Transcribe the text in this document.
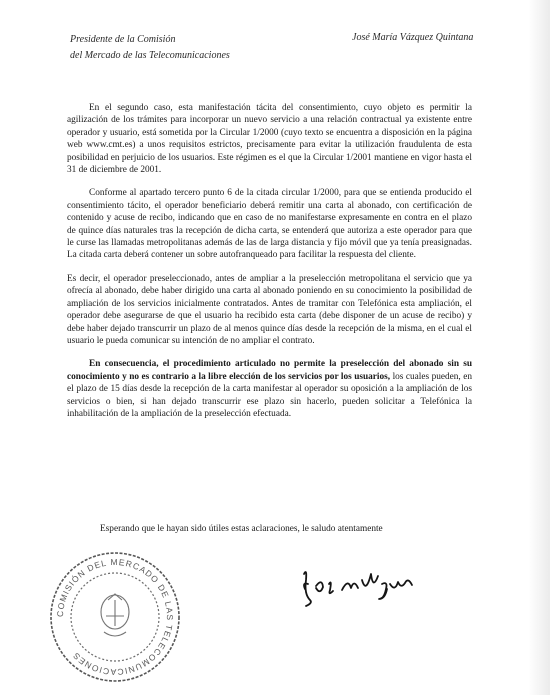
Presidente de la Comisión
del Mercado de las Telecomunicaciones
José María Vázquez Quintana

En el segundo caso, esta manifestación tácita del consentimiento, cuyo objeto es permitir la agilización de los trámites para incorporar un nuevo servicio a una relación contractual ya existente entre operador y usuario, está sometida por la Circular 1/2000 (cuyo texto se encuentra a disposición en la página web www.cmt.es) a unos requisitos estrictos, precisamente para evitar la utilización fraudulenta de esta posibilidad en perjuicio de los usuarios. Este régimen es el que la Circular 1/2001 mantiene en vigor hasta el 31 de diciembre de 2001.

Conforme al apartado tercero punto 6 de la citada circular 1/2000, para que se entienda producido el consentimiento tácito, el operador beneficiario deberá remitir una carta al abonado, con certificación de contenido y acuse de recibo, indicando que en caso de no manifestarse expresamente en contra en el plazo de quince días naturales tras la recepción de dicha carta, se entenderá que autoriza a este operador para que le curse las llamadas metropolitanas además de las de larga distancia y fijo móvil que ya tenía preasignadas. La citada carta deberá contener un sobre autofranqueado para facilitar la respuesta del cliente.

Es decir, el operador preseleccionado, antes de ampliar a la preselección metropolitana el servicio que ya ofrecía al abonado, debe haber dirigido una carta al abonado poniendo en su conocimiento la posibilidad de ampliación de los servicios inicialmente contratados. Antes de tramitar con Telefónica esta ampliación, el operador debe asegurarse de que el usuario ha recibido esta carta (debe disponer de un acuse de recibo) y debe haber dejado transcurrir un plazo de al menos quince días desde la recepción de la misma, en el cual el usuario le pueda comunicar su intención de no ampliar el contrato.

En consecuencia, el procedimiento articulado no permite la preselección del abonado sin su conocimiento y no es contrario a la libre elección de los servicios por los usuarios, los cuales pueden, en el plazo de 15 días desde la recepción de la carta manifestar al operador su oposición a la ampliación de los servicios o bien, si han dejado transcurrir ese plazo sin hacerlo, pueden solicitar a Telefónica la inhabilitación de la ampliación de la preselección efectuada.

Esperando que le hayan sido útiles estas aclaraciones, le saludo atentamente
COMISIÓN DEL MERCADO DE LAS TELECOMUNICACIONES
